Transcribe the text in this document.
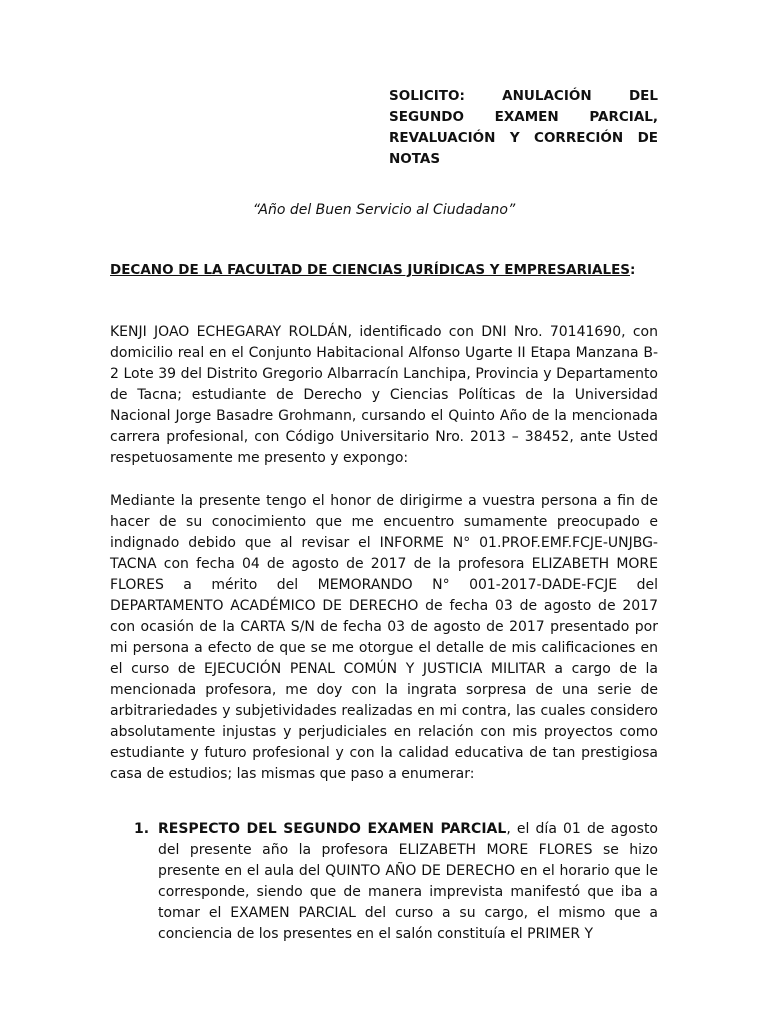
SOLICITO: ANULACIÓN DEL SEGUNDO EXAMEN PARCIAL, REVALUACIÓN Y CORRECIÓN DE NOTAS
“Año del Buen Servicio al Ciudadano”
DECANO DE LA FACULTAD DE CIENCIAS JURÍDICAS Y EMPRESARIALES:

KENJI JOAO ECHEGARAY ROLDÁN, identificado con DNI Nro. 70141690, con domicilio real en el Conjunto Habitacional Alfonso Ugarte II Etapa Manzana B-2 Lote 39 del Distrito Gregorio Albarracín Lanchipa, Provincia y Departamento de Tacna; estudiante de Derecho y Ciencias Políticas de la Universidad Nacional Jorge Basadre Grohmann, cursando el Quinto Año de la mencionada carrera profesional, con Código Universitario Nro. 2013 – 38452, ante Usted respetuosamente me presento y expongo:

Mediante la presente tengo el honor de dirigirme a vuestra persona a fin de hacer de su conocimiento que me encuentro sumamente preocupado e indignado debido que al revisar el INFORME N° 01.PROF.EMF.FCJE-UNJBG-TACNA con fecha 04 de agosto de 2017 de la profesora ELIZABETH MORE FLORES a mérito del MEMORANDO N° 001-2017-DADE-FCJE del DEPARTAMENTO ACADÉMICO DE DERECHO de fecha 03 de agosto de 2017 con ocasión de la CARTA S/N de fecha 03 de agosto de 2017 presentado por mi persona a efecto de que se me otorgue el detalle de mis calificaciones en el curso de EJECUCIÓN PENAL COMÚN Y JUSTICIA MILITAR a cargo de la mencionada profesora, me doy con la ingrata sorpresa de una serie de arbitrariedades y subjetividades realizadas en mi contra, las cuales considero absolutamente injustas y perjudiciales en relación con mis proyectos como estudiante y futuro profesional y con la calidad educativa de tan prestigiosa casa de estudios; las mismas que paso a enumerar:

1. RESPECTO DEL SEGUNDO EXAMEN PARCIAL, el día 01 de agosto del presente año la profesora ELIZABETH MORE FLORES se hizo presente en el aula del QUINTO AÑO DE DERECHO en el horario que le corresponde, siendo que de manera imprevista manifestó que iba a tomar el EXAMEN PARCIAL del curso a su cargo, el mismo que a conciencia de los presentes en el salón constituía el PRIMER Y
